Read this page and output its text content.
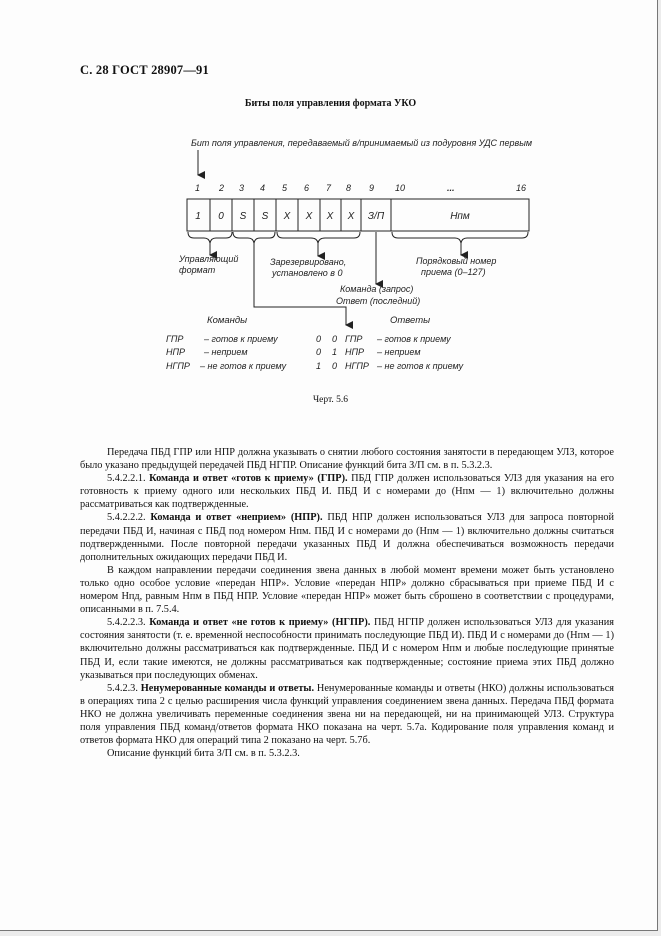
С. 28 ГОСТ 28907—91
Биты поля управления формата УКО
Бит поля управления, передаваемый в/принимаемый из подуровня УДС первым
1 2 3 4 5 6 7 8 9 10	...	16
1 0 S S X X X X З/П	Нпм
Управляющий
формат
Зарезервировано,
установлено в 0
Порядковый номер
приема (0–127)
Команда (запрос)
Ответ (последний)
Команды	Ответы
ГПР – готов к приему	0 0 ГПР – готов к приему
НПР – неприем	0 1 НПР – неприем
НГПР – не готов к приему	1 0 НГПР – не готов к приему
Черт. 5.6

Передача ПБД ГПР или НПР должна указывать о снятии любого состояния занятости в передающем УЛЗ, которое было указано предыдущей передачей ПБД НГПР. Описание функций бита З/П см. в п. 5.3.2.3.

5.4.2.2.1. Команда и ответ «готов к приему» (ГПР). ПБД ГПР должен использоваться УЛЗ для указания на его готовность к приему одного или нескольких ПБД И. ПБД И с номерами до (Нпм — 1) включительно должны рассматриваться как подтвержденные.

5.4.2.2.2. Команда и ответ «неприем» (НПР). ПБД НПР должен использоваться УЛЗ для запроса повторной передачи ПБД И, начиная с ПБД под номером Нпм. ПБД И с номерами до (Нпм — 1) включительно должны считаться подтвержденными. После повторной передачи указанных ПБД И должна обеспечиваться возможность передачи дополнительных ожидающих передачи ПБД И.

В каждом направлении передачи соединения звена данных в любой момент времени может быть установлено только одно особое условие «передан НПР». Условие «передан НПР» должно сбрасываться при приеме ПБД И с номером Нпд, равным Нпм в ПБД НПР. Условие «передан НПР» может быть сброшено в соответствии с процедурами, описанными в п. 7.5.4.

5.4.2.2.3. Команда и ответ «не готов к приему» (НГПР). ПБД НГПР должен использоваться УЛЗ для указания состояния занятости (т. е. временной неспособности принимать последующие ПБД И). ПБД И с номерами до (Нпм — 1) включительно должны рассматриваться как подтвержденные. ПБД И с номером Нпм и любые последующие принятые ПБД И, если такие имеются, не должны рассматриваться как подтвержденные; состояние приема этих ПБД должно указываться при последующих обменах.

5.4.2.3. Ненумерованные команды и ответы. Ненумерованные команды и ответы (НКО) должны использоваться в операциях типа 2 с целью расширения числа функций управления соединением звена данных. Передача ПБД формата НКО не должна увеличивать переменные соединения звена ни на передающей, ни на принимающей УЛЗ. Структура поля управления ПБД команд/ответов формата НКО показана на черт. 5.7а. Кодирование поля управления команд и ответов формата НКО для операций типа 2 показано на черт. 5.7б.

Описание функций бита З/П см. в п. 5.3.2.3.
